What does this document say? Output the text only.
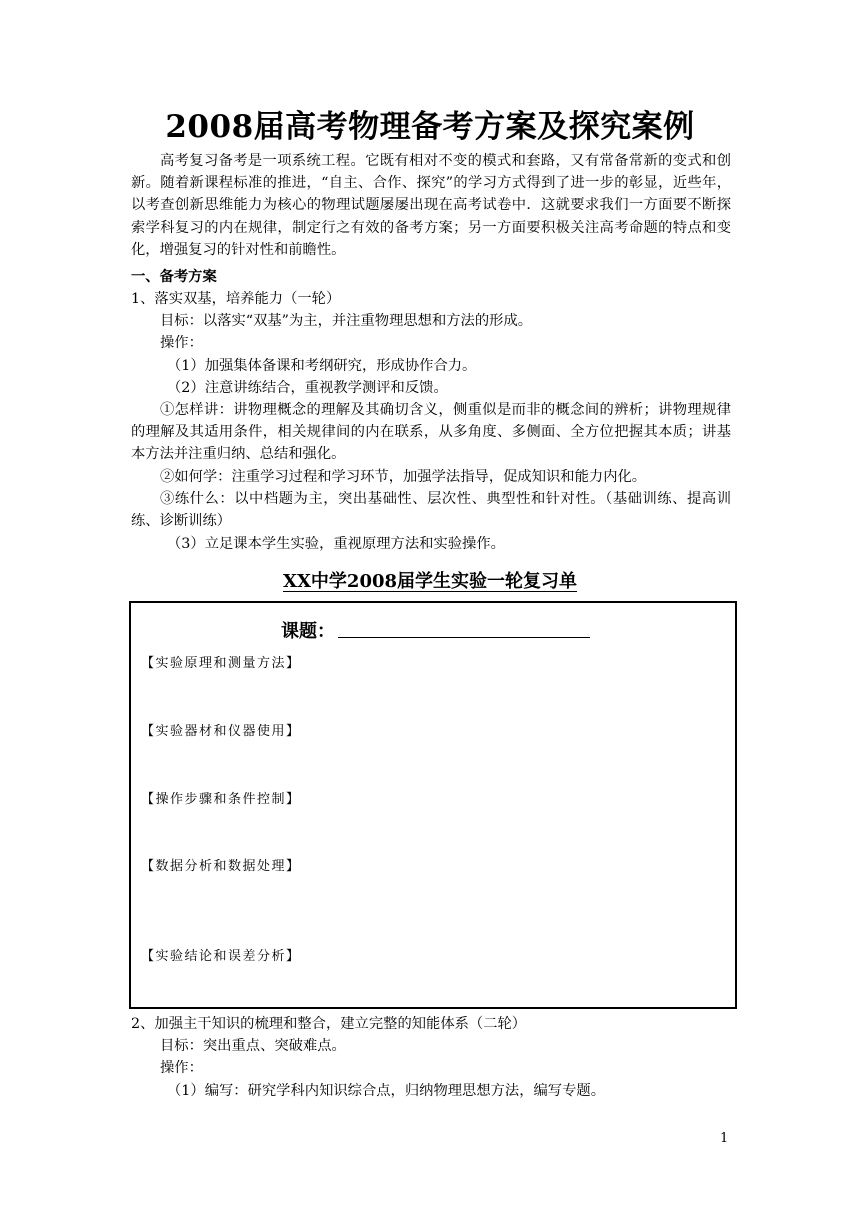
2008届高考物理备考方案及探究案例
高考复习备考是一项系统工程。它既有相对不变的模式和套路，又有常备常新的变式和创新。随着新课程标准的推进，“自主、合作、探究”的学习方式得到了进一步的彰显，近些年，以考查创新思维能力为核心的物理试题屡屡出现在高考试卷中．这就要求我们一方面要不断探索学科复习的内在规律，制定行之有效的备考方案；另一方面要积极关注高考命题的特点和变化，增强复习的针对性和前瞻性。
一、备考方案
1、落实双基，培养能力（一轮）
目标：以落实“双基”为主，并注重物理思想和方法的形成。
操作：
（1）加强集体备课和考纲研究，形成协作合力。
（2）注意讲练结合，重视教学测评和反馈。
①怎样讲：讲物理概念的理解及其确切含义，侧重似是而非的概念间的辨析；讲物理规律的理解及其适用条件，相关规律间的内在联系，从多角度、多侧面、全方位把握其本质；讲基本方法并注重归纳、总结和强化。
②如何学：注重学习过程和学习环节，加强学法指导，促成知识和能力内化。
③练什么：以中档题为主，突出基础性、层次性、典型性和针对性。（基础训练、提高训练、诊断训练）
（3）立足课本学生实验，重视原理方法和实验操作。
XX中学2008届学生实验一轮复习单
课题：
【实验原理和测量方法】
【实验器材和仪器使用】
【操作步骤和条件控制】
【数据分析和数据处理】
【实验结论和误差分析】
2、加强主干知识的梳理和整合，建立完整的知能体系（二轮）
目标：突出重点、突破难点。
操作：
（1）编写：研究学科内知识综合点，归纳物理思想方法，编写专题。
1
